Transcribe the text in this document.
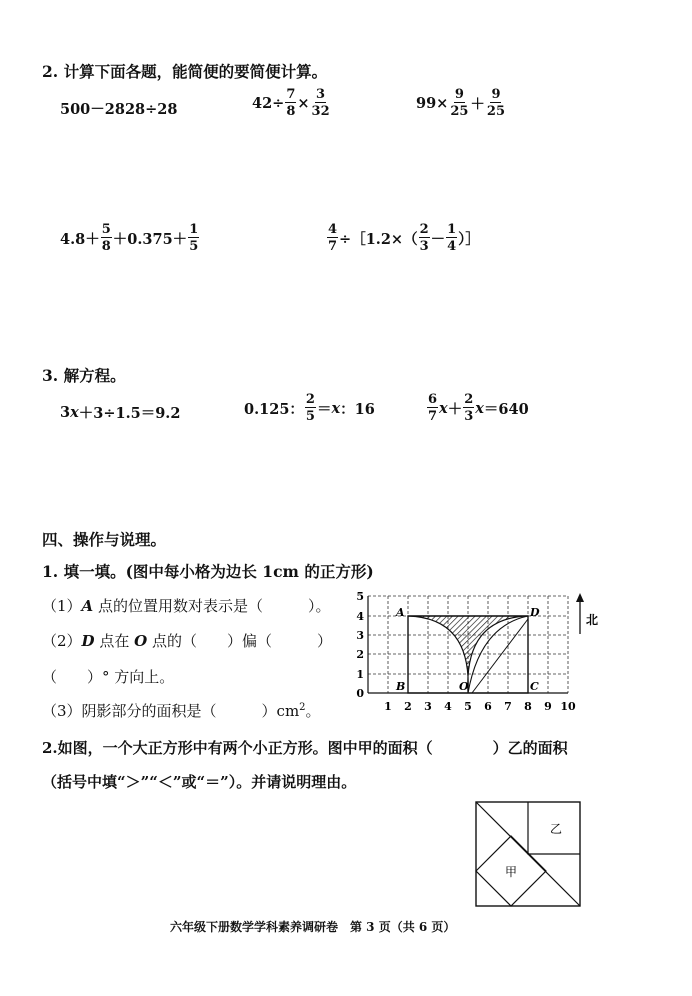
2. 计算下面各题，能简便的要简便计算。
500－2828÷28	$42\div \frac{7}{8} \times \frac{3}{32}$	$99\times \frac{9}{25} + \frac{9}{25}$
$4.8+ \frac{5}{8} +0.375+ \frac{1}{5}$	$\frac{4}{7}$ ÷［1.2×（ $\frac{2}{3} - \frac{1}{4}$ ）］
3. 解方程。
3 x ＋3÷1.5＝9.2	0.125： $\frac{2}{5} = x$ ：16	$\frac{6}{7}$ $x + \frac{2}{3}$ x ＝640
四、操作与说理。
1. 填一填。(图中每小格为边长 1cm 的正方形)
（1）A 点的位置用数对表示是（　　　）。
（2）D 点在 O 点的（　　）偏（　　　）
（　　）° 方向上。
（3）阴影部分的面积是（　　　）$cm^2$。
A	D
B	O	C
1 2 3 4 5 6 7 8 9 10
0
1
2
3
4
5
北
2.如图，一个大正方形中有两个小正方形。图中甲的面积（　　　　）乙的面积
（括号中填“＞”“＜”或“＝”）。并请说明理由。
甲
乙
六年级下册数学学科素养调研卷　第 3 页（共 6 页）
